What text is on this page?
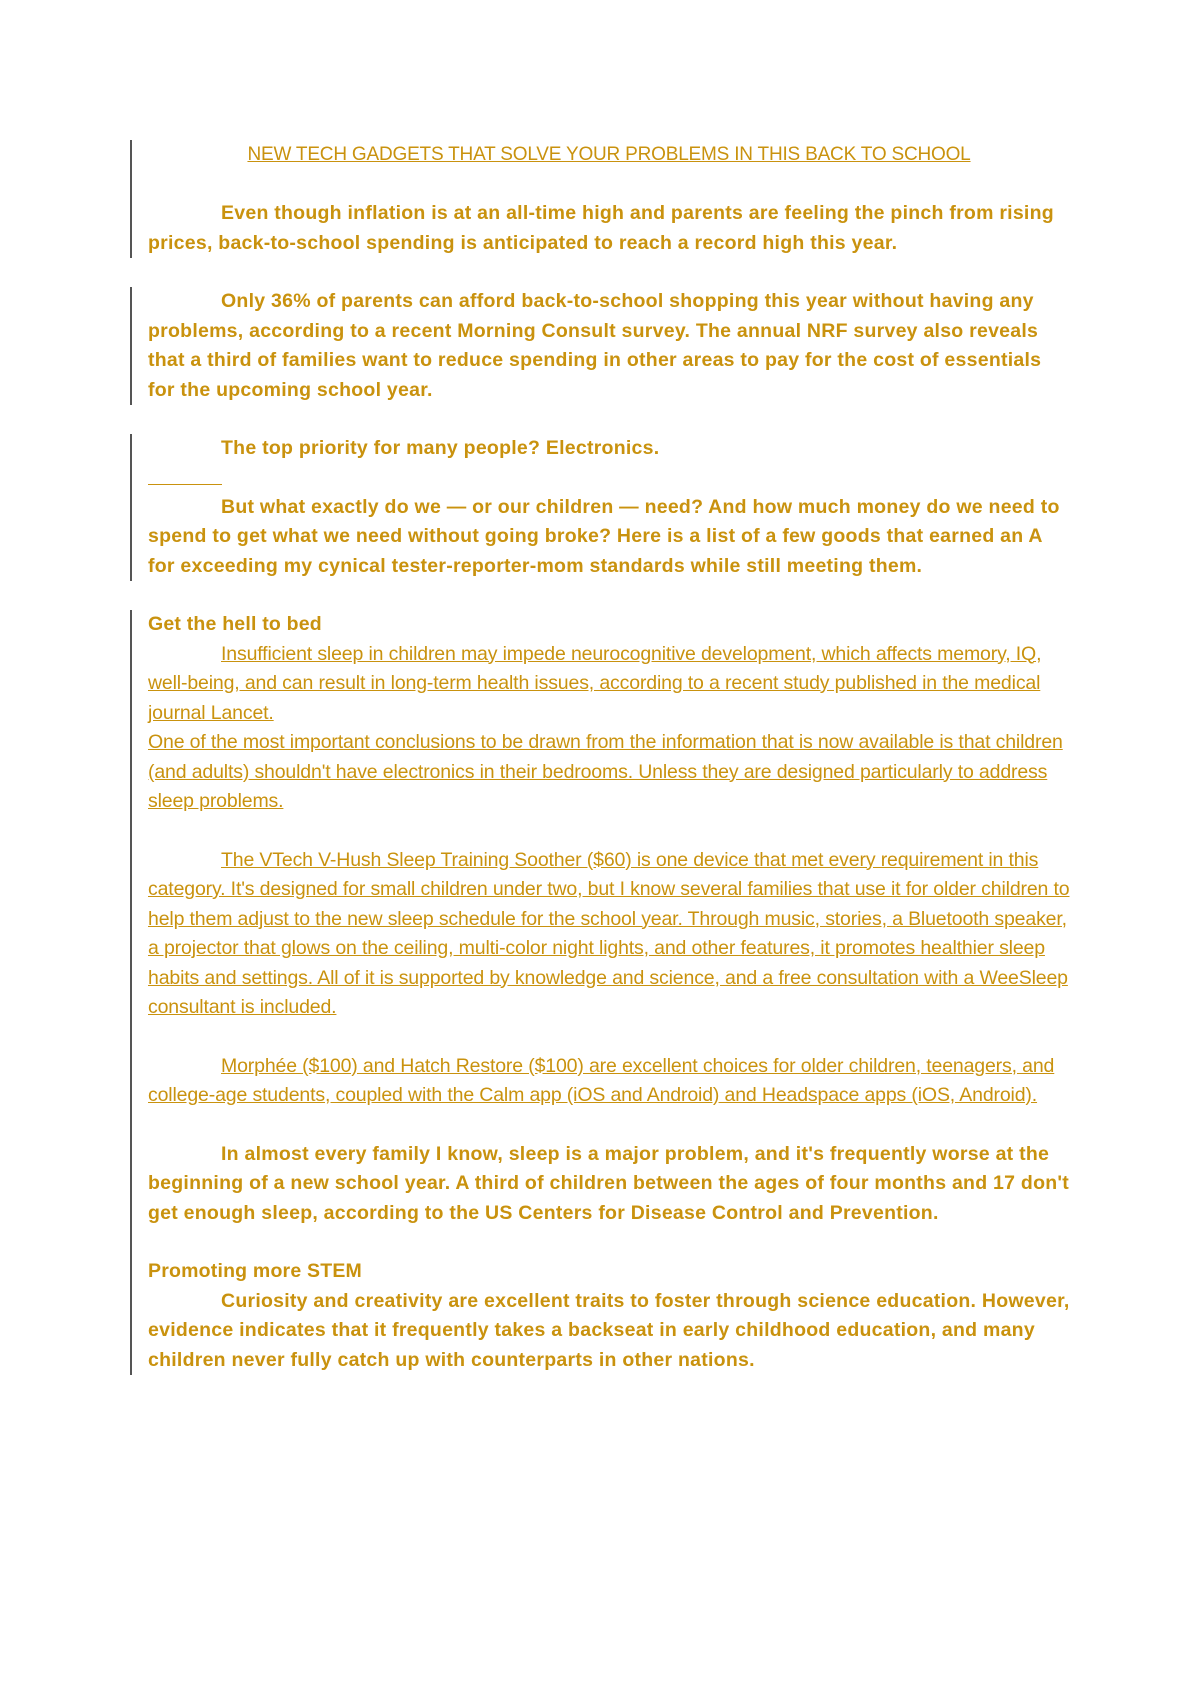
NEW TECH GADGETS THAT SOLVE YOUR PROBLEMS IN THIS BACK TO SCHOOL
Even though inflation is at an all-time high and parents are feeling the pinch from rising prices, back-to-school spending is anticipated to reach a record high this year.
Only 36% of parents can afford back-to-school shopping this year without having any problems, according to a recent Morning Consult survey. The annual NRF survey also reveals that a third of families want to reduce spending in other areas to pay for the cost of essentials for the upcoming school year.
The top priority for many people? Electronics.
But what exactly do we — or our children — need? And how much money do we need to spend to get what we need without going broke? Here is a list of a few goods that earned an A for exceeding my cynical tester-reporter-mom standards while still meeting them.
Get the hell to bed
Insufficient sleep in children may impede neurocognitive development, which affects memory, IQ, well-being, and can result in long-term health issues, according to a recent study published in the medical journal Lancet.
One of the most important conclusions to be drawn from the information that is now available is that children (and adults) shouldn't have electronics in their bedrooms. Unless they are designed particularly to address sleep problems.
The VTech V-Hush Sleep Training Soother ($60) is one device that met every requirement in this category. It's designed for small children under two, but I know several families that use it for older children to help them adjust to the new sleep schedule for the school year. Through music, stories, a Bluetooth speaker, a projector that glows on the ceiling, multi-color night lights, and other features, it promotes healthier sleep habits and settings. All of it is supported by knowledge and science, and a free consultation with a WeeSleep consultant is included.
Morphée ($100) and Hatch Restore ($100) are excellent choices for older children, teenagers, and college-age students, coupled with the Calm app (iOS and Android) and Headspace apps (iOS, Android).
In almost every family I know, sleep is a major problem, and it's frequently worse at the beginning of a new school year. A third of children between the ages of four months and 17 don't get enough sleep, according to the US Centers for Disease Control and Prevention.
Promoting more STEM
Curiosity and creativity are excellent traits to foster through science education. However, evidence indicates that it frequently takes a backseat in early childhood education, and many children never fully catch up with counterparts in other nations.
